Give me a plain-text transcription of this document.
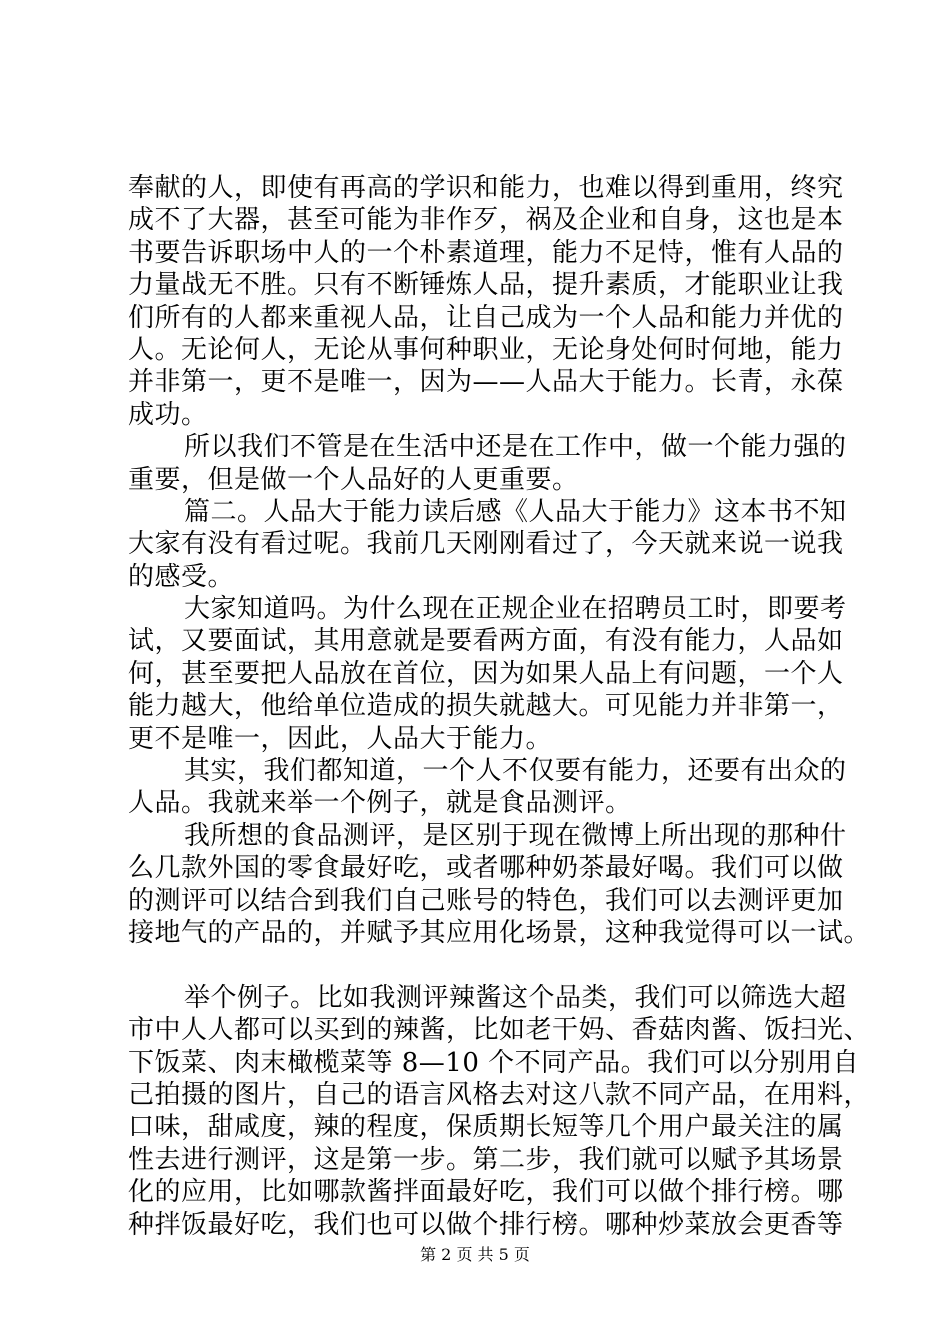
奉献的人，即使有再高的学识和能力，也难以得到重用，终究
成不了大器，甚至可能为非作歹，祸及企业和自身，这也是本
书要告诉职场中人的一个朴素道理，能力不足恃，惟有人品的
力量战无不胜。只有不断锤炼人品，提升素质，才能职业让我
们所有的人都来重视人品，让自己成为一个人品和能力并优的
人。无论何人，无论从事何种职业，无论身处何时何地，能力
并非第一，更不是唯一，因为——人品大于能力。长青，永葆
成功。
所以我们不管是在生活中还是在工作中，做一个能力强的
重要，但是做一个人品好的人更重要。
篇二。人品大于能力读后感《人品大于能力》这本书不知
大家有没有看过呢。我前几天刚刚看过了，今天就来说一说我
的感受。
大家知道吗。为什么现在正规企业在招聘员工时，即要考
试，又要面试，其用意就是要看两方面，有没有能力，人品如
何，甚至要把人品放在首位，因为如果人品上有问题，一个人
能力越大，他给单位造成的损失就越大。可见能力并非第一，
更不是唯一，因此，人品大于能力。
其实，我们都知道，一个人不仅要有能力，还要有出众的
人品。我就来举一个例子，就是食品测评。
我所想的食品测评，是区别于现在微博上所出现的那种什
么几款外国的零食最好吃，或者哪种奶茶最好喝。我们可以做
的测评可以结合到我们自己账号的特色，我们可以去测评更加
接地气的产品的，并赋予其应用化场景，这种我觉得可以一试。
举个例子。比如我测评辣酱这个品类，我们可以筛选大超
市中人人都可以买到的辣酱，比如老干妈、香菇肉酱、饭扫光、
下饭菜、肉末橄榄菜等 8—10 个不同产品。我们可以分别用自
己拍摄的图片，自己的语言风格去对这八款不同产品，在用料，
口味，甜咸度，辣的程度，保质期长短等几个用户最关注的属
性去进行测评，这是第一步。第二步，我们就可以赋予其场景
化的应用，比如哪款酱拌面最好吃，我们可以做个排行榜。哪
种拌饭最好吃，我们也可以做个排行榜。哪种炒菜放会更香等
第 2 页 共 5 页
